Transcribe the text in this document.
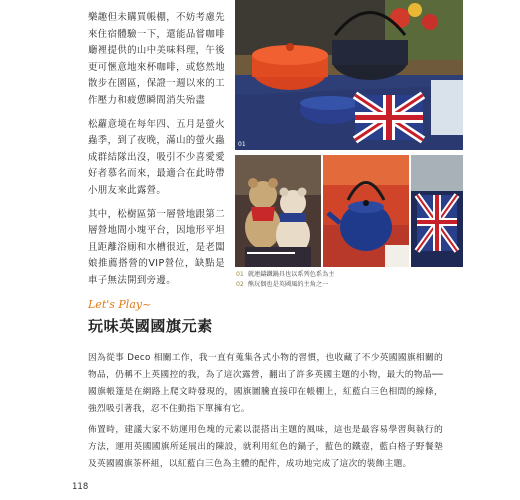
樂趣但未購買帳棚，不妨考慮先來住宿體驗一下，還能品嘗咖啡廳裡提供的山中美味料理，午後更可愜意地來杯咖啡，或悠然地散步在園區，保證一週以來的工作壓力和疲憊瞬間消失殆盡

松蘿意境在每年四、五月是螢火蟲季，到了夜晚，滿山的螢火蟲成群結隊出沒，吸引不少喜愛愛好者慕名而來，最適合在此時帶小朋友來此露營。

其中，松樹區第一層營地跟第二層營地間小塊平台，因地形平坦且距離浴廁和水槽很近，是老闆娘推薦搭營的VIP營位，缺點是車子無法開到旁邊。

01
01 就連鑄鐵鍋具也以系列色系為主
02 熊玩偶也是英國風的主角之一
Let's Play~
玩味英國國旗元素

因為從事 Deco 相關工作，我一直有蒐集各式小物的習慣，也收藏了不少英國國旗相關的物品，仍稱不上英國控的我，為了這次露營，翻出了許多英國主題的小物，最大的物品──國旗帳篷是在網路上爬文時發現的，國旗圖騰直接印在帳棚上，紅藍白三色相間的線條，強烈吸引著我，忍不住動指下單擁有它。

佈置時，建議大家不妨運用色塊的元素以混搭出主題的風味，這也是最容易學習與執行的方法，運用英國國旗所延展出的陳設，就利用紅色的鍋子，藍色的鐵壺，藍白格子野餐墊及英國國旗茶杯組，以紅藍白三色為主體的配件，成功地完成了這次的裝飾主題。

118
